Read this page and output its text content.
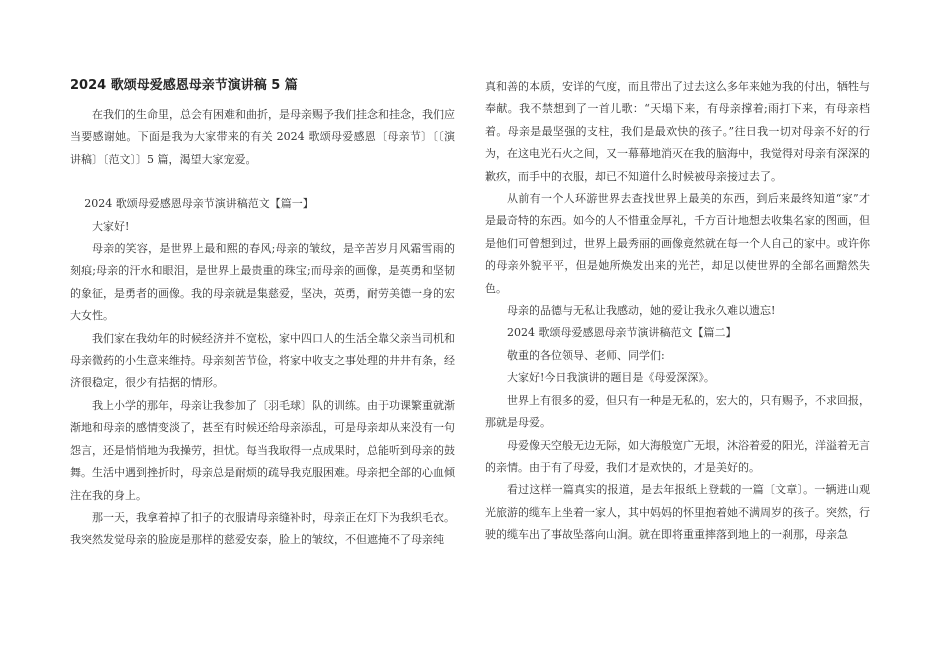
2024 歌颂母爱感恩母亲节演讲稿 5 篇

在我们的生命里，总会有困难和曲折，是母亲赐予我们挂念和挂念，我们应当要感谢她。下面是我为大家带来的有关 2024 歌颂母爱感恩〔母亲节〕〔〔演讲稿〕〔范文〕〕5 篇，渴望大家宠爱。

2024 歌颂母爱感恩母亲节演讲稿范文【篇一】

大家好!

母亲的笑容，是世界上最和熙的春风;母亲的皱纹，是辛苦岁月风霜雪雨的刻痕;母亲的汗水和眼泪，是世界上最贵重的珠宝;而母亲的画像，是英勇和坚韧的象征，是勇者的画像。我的母亲就是集慈爱，坚决，英勇，耐劳美德一身的宏大女性。

我们家在我幼年的时候经济并不宽松，家中四口人的生活全靠父亲当司机和母亲微药的小生意来维持。母亲刻苦节俭，将家中收支之事处理的井井有条，经济很稳定，很少有拮据的情形。

我上小学的那年，母亲让我参加了〔羽毛球〕队的训练。由于功课繁重就渐渐地和母亲的感情变淡了，甚至有时候还给母亲添乱，可是母亲却从来没有一句怨言，还是悄悄地为我操劳，担忧。每当我取得一点成果时，总能听到母亲的鼓舞。生活中遇到挫折时，母亲总是耐烦的疏导我克服困难。母亲把全部的心血倾注在我的身上。

那一天，我拿着掉了扣子的衣服请母亲缝补时，母亲正在灯下为我织毛衣。我突然发觉母亲的脸庞是那样的慈爱安泰，脸上的皱纹，不但遮掩不了母亲纯

真和善的本质，安详的气度，而且带出了过去这么多年来她为我的付出，牺牲与奉献。我不禁想到了一首儿歌：“天塌下来，有母亲撑着;雨打下来，有母亲档着。母亲是最坚强的支柱，我们是最欢快的孩子。”往日我一切对母亲不好的行为，在这电光石火之间，又一幕幕地消灭在我的脑海中，我觉得对母亲有深深的歉疚，而手中的衣服，却已不知道什么时候被母亲接过去了。

从前有一个人环游世界去查找世界上最美的东西，到后来最终知道“家”才是最奇特的东西。如今的人不惜重金厚礼，千方百计地想去收集名家的图画，但是他们可曾想到过，世界上最秀丽的画像竟然就在每一个人自己的家中。或许你的母亲外貌平平，但是她所焕发出来的光芒，却足以使世界的全部名画黯然失色。

母亲的品德与无私让我感动，她的爱让我永久难以遗忘!

2024 歌颂母爱感恩母亲节演讲稿范文【篇二】

敬重的各位领导、老师、同学们:

大家好!今日我演讲的题目是《母爱深深》。

世界上有很多的爱，但只有一种是无私的，宏大的，只有赐予，不求回报，那就是母爱。

母爱像天空般无边无际，如大海般宽广无垠，沐浴着爱的阳光，洋溢着无言的亲情。由于有了母爱，我们才是欢快的，才是美好的。

看过这样一篇真实的报道，是去年报纸上登载的一篇〔文章〕。一辆进山观光旅游的缆车上坐着一家人，其中妈妈的怀里抱着她不满周岁的孩子。突然，行驶的缆车出了事故坠落向山涧。就在即将重重摔落到地上的一刹那，母亲急
